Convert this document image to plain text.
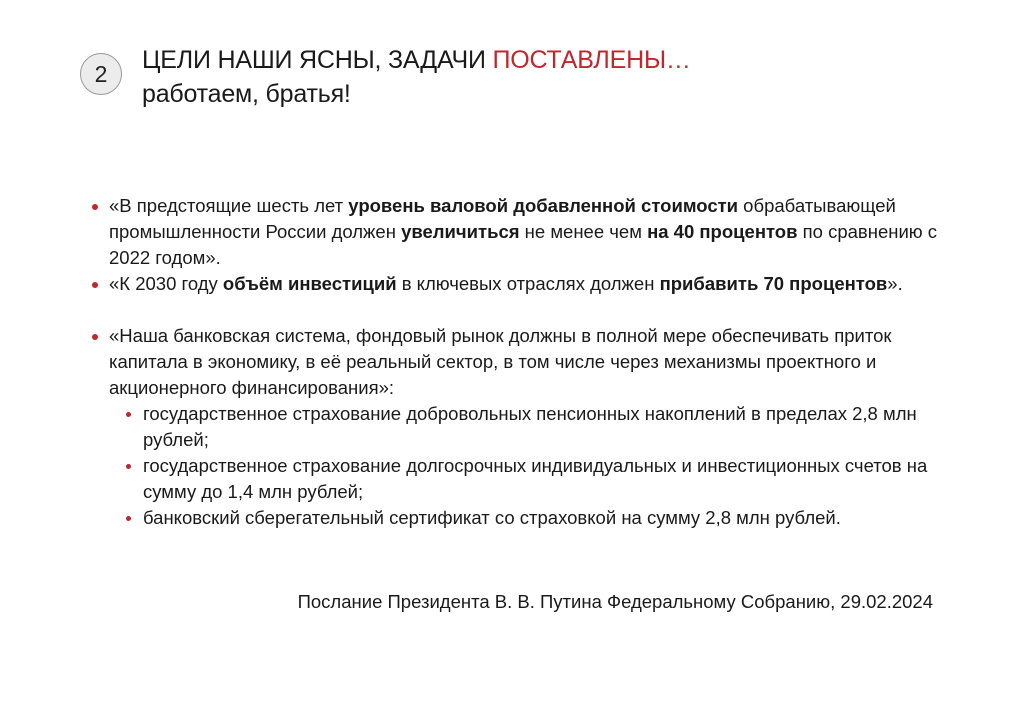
2	ЦЕЛИ НАШИ ЯСНЫ, ЗАДАЧИ ПОСТАВЛЕНЫ…
работаем, братья!
«В предстоящие шесть лет уровень валовой добавленной стоимости обрабатывающей промышленности России должен увеличиться не менее чем на 40 процентов по сравнению с 2022 годом».
«К 2030 году объём инвестиций в ключевых отраслях должен прибавить 70 процентов».
«Наша банковская система, фондовый рынок должны в полной мере обеспечивать приток капитала в экономику, в её реальный сектор, в том числе через механизмы проектного и акционерного финансирования»:
государственное страхование добровольных пенсионных накоплений в пределах 2,8 млн рублей;
государственное страхование долгосрочных индивидуальных и инвестиционных счетов на сумму до 1,4 млн рублей;
банковский сберегательный сертификат со страховкой на сумму 2,8 млн рублей.
Послание Президента В. В. Путина Федеральному Собранию, 29.02.2024
